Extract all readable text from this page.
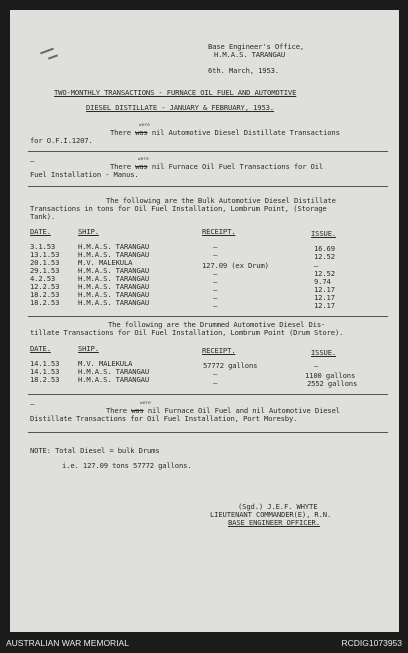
Base Engineer's Office,
H.M.A.S. TARANGAU
6th. March, 1953.
TWO-MONTHLY TRANSACTIONS - FURNACE OIL FUEL AND AUTOMOTIVE
DIESEL DISTILLATE - JANUARY & FEBRUARY, 1953.
were
There was nil Automotive Diesel Distillate Transactions
for O.F.I.1207.
—	were
There was nil Furnace Oil Fuel Transactions for Oil
Fuel Installation - Manus.
The following are the Bulk Automotive Diesel Distillate
Transactions in tons for Oil Fuel Installation, Lombrum Point, (Storage
Tank).
DATE.	SHIP.	RECEIPT.	ISSUE.
3.1.53	H.M.A.S. TARANGAU	—	16.69
13.1.53	H.M.A.S. TARANGAU	—	12.52
20.1.53	M.V. MALEKULA	127.09 (ex Drum)	—
29.1.53	H.M.A.S. TARANGAU	—	12.52
4.2.53	H.M.A.S. TARANGAU	—	9.74
12.2.53	H.M.A.S. TARANGAU	—	12.17
18.2.53	H.M.A.S. TARANGAU	—	12.17
18.2.53	H.M.A.S. TARANGAU	—	12.17
The following are the Drummed Automotive Diesel Dis-
tillate Transactions for Oil Fuel Installation, Lombrum Point (Drum Store).
DATE.	SHIP.	RECEIPT.	ISSUE.
14.1.53	M.V. MALEKULA	57772 gallons	—
14.1.53	H.M.A.S. TARANGAU	—	1100 gallons
18.2.53	H.M.A.S. TARANGAU	—	2552 gallons
—	were
There was nil Furnace Oil Fuel and nil Automotive Diesel
Distillate Transactions for Oil Fuel Installation, Port Moresby.
NOTE: Total Diesel = bulk Drums
i.e. 127.09 tons 57772 gallons.
(Sgd.) J.E.F. WHYTE
LIEUTENANT COMMANDER(E), R.N.
BASE ENGINEER OFFICER.
AUSTRALIAN WAR MEMORIAL	RCDIG1073953
